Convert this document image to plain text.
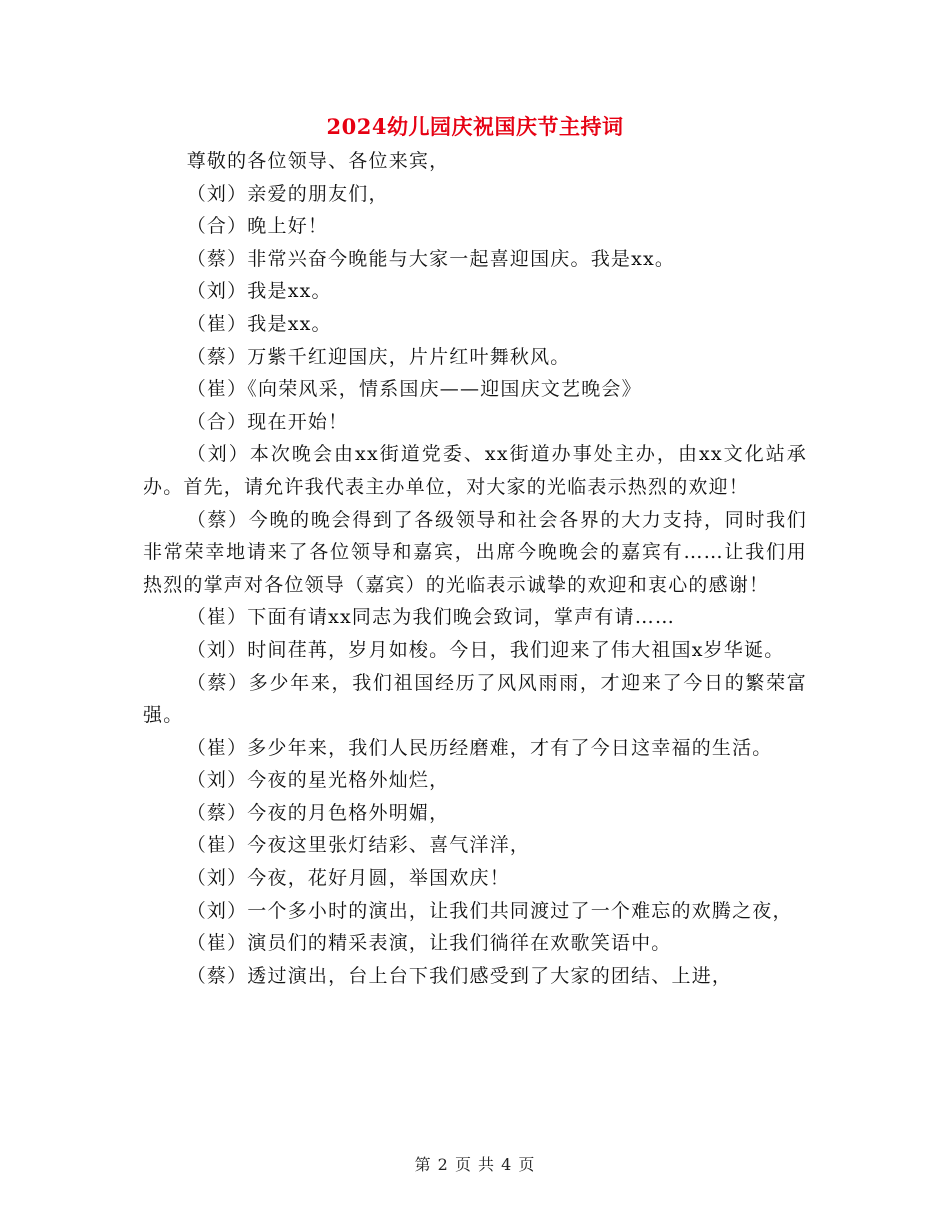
2024幼儿园庆祝国庆节主持词

尊敬的各位领导、各位来宾，

（刘）亲爱的朋友们，

（合）晚上好！

（蔡）非常兴奋今晚能与大家一起喜迎国庆。我是xx。

（刘）我是xx。

（崔）我是xx。

（蔡）万紫千红迎国庆，片片红叶舞秋风。

（崔）《向荣风采，情系国庆——迎国庆文艺晚会》

（合）现在开始！

（刘）本次晚会由xx街道党委、xx街道办事处主办，由xx文化站承办。首先，请允许我代表主办单位，对大家的光临表示热烈的欢迎！

（蔡）今晚的晚会得到了各级领导和社会各界的大力支持，同时我们非常荣幸地请来了各位领导和嘉宾，出席今晚晚会的嘉宾有……让我们用热烈的掌声对各位领导（嘉宾）的光临表示诚挚的欢迎和衷心的感谢！

（崔）下面有请xx同志为我们晚会致词，掌声有请……

（刘）时间荏苒，岁月如梭。今日，我们迎来了伟大祖国x岁华诞。

（蔡）多少年来，我们祖国经历了风风雨雨，才迎来了今日的繁荣富强。

（崔）多少年来，我们人民历经磨难，才有了今日这幸福的生活。

（刘）今夜的星光格外灿烂，

（蔡）今夜的月色格外明媚，

（崔）今夜这里张灯结彩、喜气洋洋，

（刘）今夜，花好月圆，举国欢庆！

（刘）一个多小时的演出，让我们共同渡过了一个难忘的欢腾之夜，

（崔）演员们的精采表演，让我们徜徉在欢歌笑语中。

（蔡）透过演出，台上台下我们感受到了大家的团结、上进，

第 2 页 共 4 页
